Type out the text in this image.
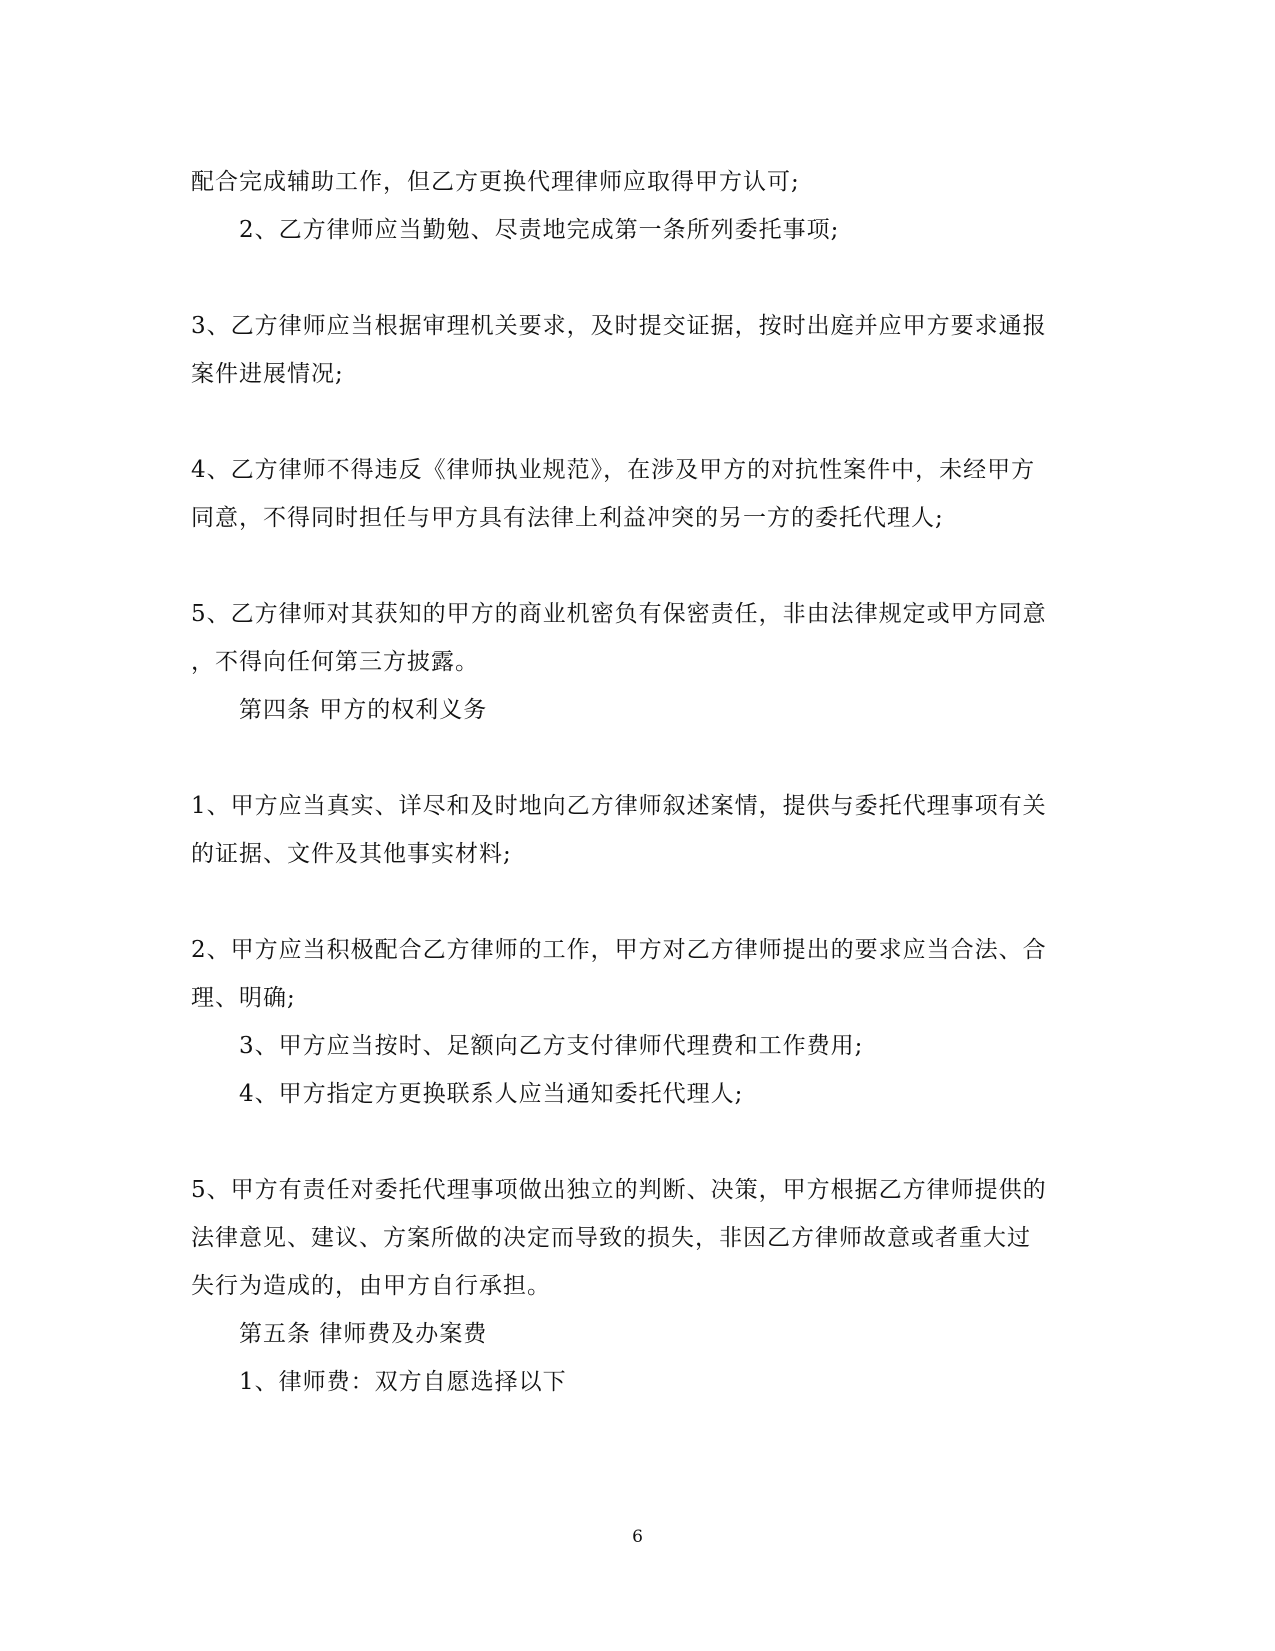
配合完成辅助工作，但乙方更换代理律师应取得甲方认可;
2、乙方律师应当勤勉、尽责地完成第一条所列委托事项;
3、乙方律师应当根据审理机关要求，及时提交证据，按时出庭并应甲方要求通报
案件进展情况;
4、乙方律师不得违反《律师执业规范》，在涉及甲方的对抗性案件中，未经甲方
同意，不得同时担任与甲方具有法律上利益冲突的另一方的委托代理人;
5、乙方律师对其获知的甲方的商业机密负有保密责任，非由法律规定或甲方同意
，不得向任何第三方披露。
第四条 甲方的权利义务
1、甲方应当真实、详尽和及时地向乙方律师叙述案情，提供与委托代理事项有关
的证据、文件及其他事实材料;
2、甲方应当积极配合乙方律师的工作，甲方对乙方律师提出的要求应当合法、合
理、明确;
3、甲方应当按时、足额向乙方支付律师代理费和工作费用;
4、甲方指定方更换联系人应当通知委托代理人;
5、甲方有责任对委托代理事项做出独立的判断、决策，甲方根据乙方律师提供的
法律意见、建议、方案所做的决定而导致的损失，非因乙方律师故意或者重大过
失行为造成的，由甲方自行承担。
第五条 律师费及办案费
1、律师费：双方自愿选择以下
6
